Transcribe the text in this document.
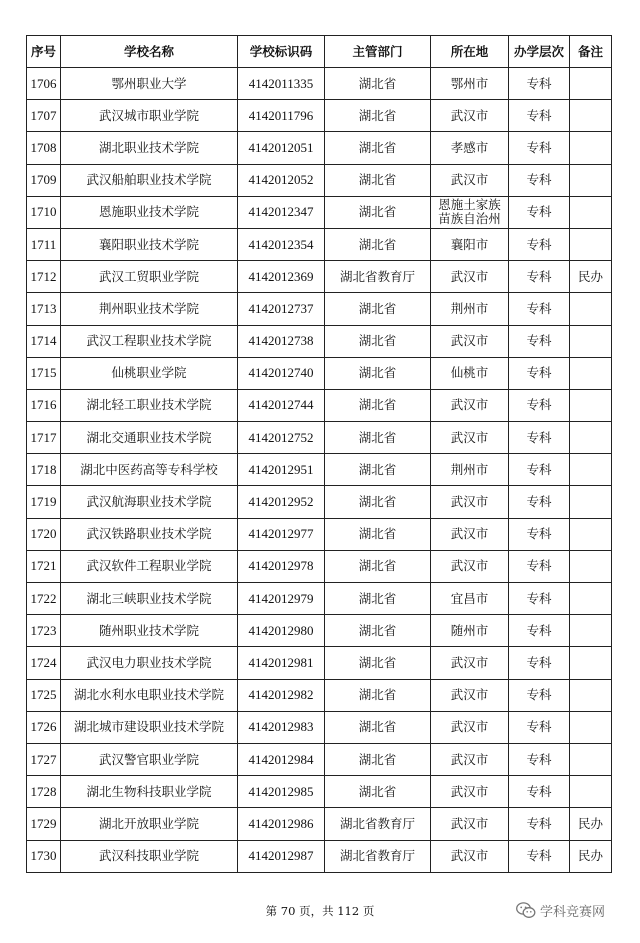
序号	学校名称	学校标识码	主管部门	所在地	办学层次	备注
1706	鄂州职业大学	4142011335	湖北省	鄂州市	专科	
1707	武汉城市职业学院	4142011796	湖北省	武汉市	专科	
1708	湖北职业技术学院	4142012051	湖北省	孝感市	专科	
1709	武汉船舶职业技术学院	4142012052	湖北省	武汉市	专科	
1710	恩施职业技术学院	4142012347	湖北省	恩施土家族苗族自治州	专科	
1711	襄阳职业技术学院	4142012354	湖北省	襄阳市	专科	
1712	武汉工贸职业学院	4142012369	湖北省教育厅	武汉市	专科	民办
1713	荆州职业技术学院	4142012737	湖北省	荆州市	专科	
1714	武汉工程职业技术学院	4142012738	湖北省	武汉市	专科	
1715	仙桃职业学院	4142012740	湖北省	仙桃市	专科	
1716	湖北轻工职业技术学院	4142012744	湖北省	武汉市	专科	
1717	湖北交通职业技术学院	4142012752	湖北省	武汉市	专科	
1718	湖北中医药高等专科学校	4142012951	湖北省	荆州市	专科	
1719	武汉航海职业技术学院	4142012952	湖北省	武汉市	专科	
1720	武汉铁路职业技术学院	4142012977	湖北省	武汉市	专科	
1721	武汉软件工程职业学院	4142012978	湖北省	武汉市	专科	
1722	湖北三峡职业技术学院	4142012979	湖北省	宜昌市	专科	
1723	随州职业技术学院	4142012980	湖北省	随州市	专科	
1724	武汉电力职业技术学院	4142012981	湖北省	武汉市	专科	
1725	湖北水利水电职业技术学院	4142012982	湖北省	武汉市	专科	
1726	湖北城市建设职业技术学院	4142012983	湖北省	武汉市	专科	
1727	武汉警官职业学院	4142012984	湖北省	武汉市	专科	
1728	湖北生物科技职业学院	4142012985	湖北省	武汉市	专科	
1729	湖北开放职业学院	4142012986	湖北省教育厅	武汉市	专科	民办
1730	武汉科技职业学院	4142012987	湖北省教育厅	武汉市	专科	民办
第 70 页，共 112 页	学科竞赛网
